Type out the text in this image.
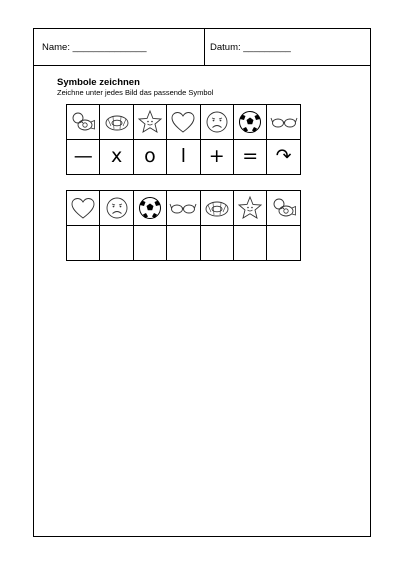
Name: ______________	Datum: _________
Symbole zeichnen
Zeichne unter jedes Bild das passende Symbol

—	x	o	l	+	=	↷
